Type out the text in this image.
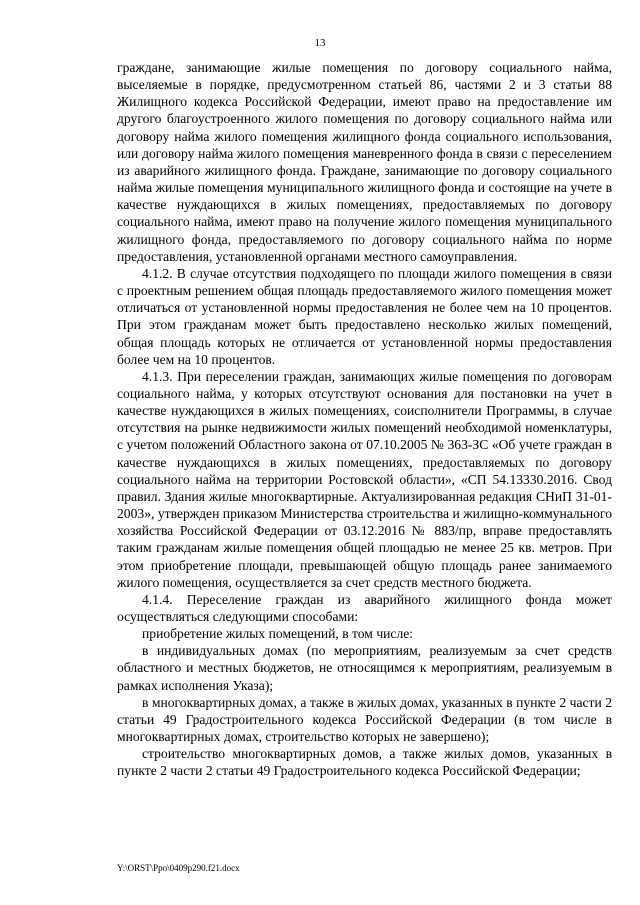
13

граждане, занимающие жилые помещения по договору социального найма, выселяемые в порядке, предусмотренном статьей 86, частями 2 и 3 статьи 88 Жилищного кодекса Российской Федерации, имеют право на предоставление им другого благоустроенного жилого помещения по договору социального найма или договору найма жилого помещения жилищного фонда социального использования, или договору найма жилого помещения маневренного фонда в связи с переселением из аварийного жилищного фонда. Граждане, занимающие по договору социального найма жилые помещения муниципального жилищного фонда и состоящие на учете в качестве нуждающихся в жилых помещениях, предоставляемых по договору социального найма, имеют право на получение жилого помещения муниципального жилищного фонда, предоставляемого по договору социального найма по норме предоставления, установленной органами местного самоуправления.

4.1.2. В случае отсутствия подходящего по площади жилого помещения в связи с проектным решением общая площадь предоставляемого жилого помещения может отличаться от установленной нормы предоставления не более чем на 10 процентов. При этом гражданам может быть предоставлено несколько жилых помещений, общая площадь которых не отличается от установленной нормы предоставления более чем на 10 процентов.

4.1.3. При переселении граждан, занимающих жилые помещения по договорам социального найма, у которых отсутствуют основания для постановки на учет в качестве нуждающихся в жилых помещениях, соисполнители Программы, в случае отсутствия на рынке недвижимости жилых помещений необходимой номенклатуры, с учетом положений Областного закона от 07.10.2005 № 363-ЗС «Об учете граждан в качестве нуждающихся в жилых помещениях, предоставляемых по договору социального найма на территории Ростовской области», «СП 54.13330.2016. Свод правил. Здания жилые многоквартирные. Актуализированная редакция СНиП 31-01-2003», утвержден приказом Министерства строительства и жилищно-коммунального хозяйства Российской Федерации от 03.12.2016 № 883/пр, вправе предоставлять таким гражданам жилые помещения общей площадью не менее 25 кв. метров. При этом приобретение площади, превышающей общую площадь ранее занимаемого жилого помещения, осуществляется за счет средств местного бюджета.

4.1.4. Переселение граждан из аварийного жилищного фонда может осуществляться следующими способами:

приобретение жилых помещений, в том числе:

в индивидуальных домах (по мероприятиям, реализуемым за счет средств областного и местных бюджетов, не относящимся к мероприятиям, реализуемым в рамках исполнения Указа);

в многоквартирных домах, а также в жилых домах, указанных в пункте 2 части 2 статьи 49 Градостроительного кодекса Российской Федерации (в том числе в многоквартирных домах, строительство которых не завершено);

строительство многоквартирных домов, а также жилых домов, указанных в пункте 2 части 2 статьи 49 Градостроительного кодекса Российской Федерации;

Y:\ORST\Ppo\0409p290.f21.docx
